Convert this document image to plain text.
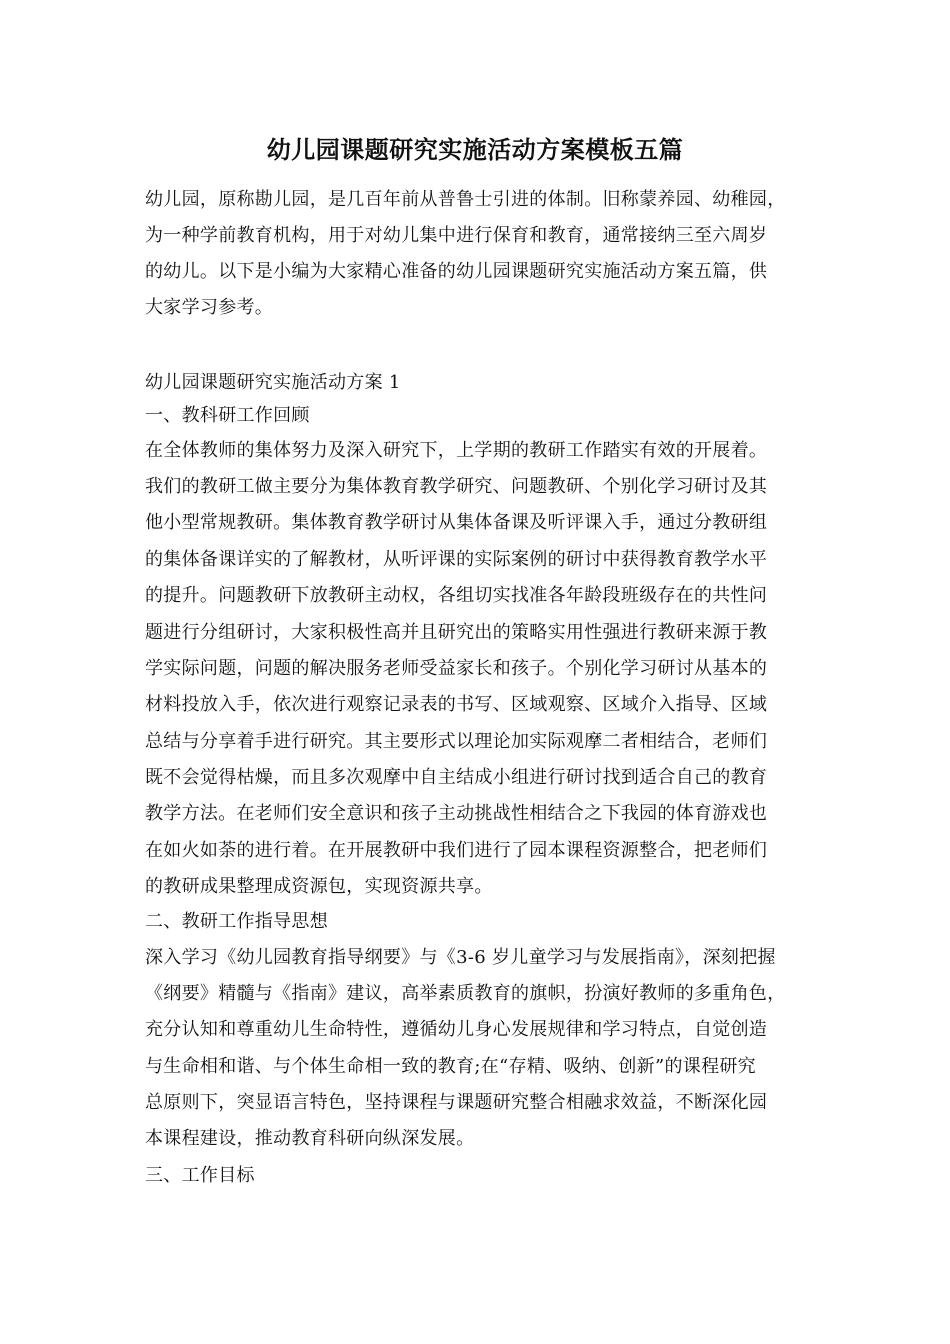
幼儿园课题研究实施活动方案模板五篇
幼儿园，原称勘儿园，是几百年前从普鲁士引进的体制。旧称蒙养园、幼稚园，
为一种学前教育机构，用于对幼儿集中进行保育和教育，通常接纳三至六周岁
的幼儿。以下是小编为大家精心准备的幼儿园课题研究实施活动方案五篇，供
大家学习参考。
幼儿园课题研究实施活动方案 1
一、教科研工作回顾
在全体教师的集体努力及深入研究下，上学期的教研工作踏实有效的开展着。
我们的教研工做主要分为集体教育教学研究、问题教研、个别化学习研讨及其
他小型常规教研。集体教育教学研讨从集体备课及听评课入手，通过分教研组
的集体备课详实的了解教材，从听评课的实际案例的研讨中获得教育教学水平
的提升。问题教研下放教研主动权，各组切实找准各年龄段班级存在的共性问
题进行分组研讨，大家积极性高并且研究出的策略实用性强进行教研来源于教
学实际问题，问题的解决服务老师受益家长和孩子。个别化学习研讨从基本的
材料投放入手，依次进行观察记录表的书写、区域观察、区域介入指导、区域
总结与分享着手进行研究。其主要形式以理论加实际观摩二者相结合，老师们
既不会觉得枯燥，而且多次观摩中自主结成小组进行研讨找到适合自己的教育
教学方法。在老师们安全意识和孩子主动挑战性相结合之下我园的体育游戏也
在如火如荼的进行着。在开展教研中我们进行了园本课程资源整合，把老师们
的教研成果整理成资源包，实现资源共享。
二、教研工作指导思想
深入学习《幼儿园教育指导纲要》与《3-6 岁儿童学习与发展指南》，深刻把握
《纲要》精髓与《指南》建议，高举素质教育的旗帜，扮演好教师的多重角色，
充分认知和尊重幼儿生命特性，遵循幼儿身心发展规律和学习特点，自觉创造
与生命相和谐、与个体生命相一致的教育;在“存精、吸纳、创新”的课程研究
总原则下，突显语言特色，坚持课程与课题研究整合相融求效益，不断深化园
本课程建设，推动教育科研向纵深发展。
三、工作目标
